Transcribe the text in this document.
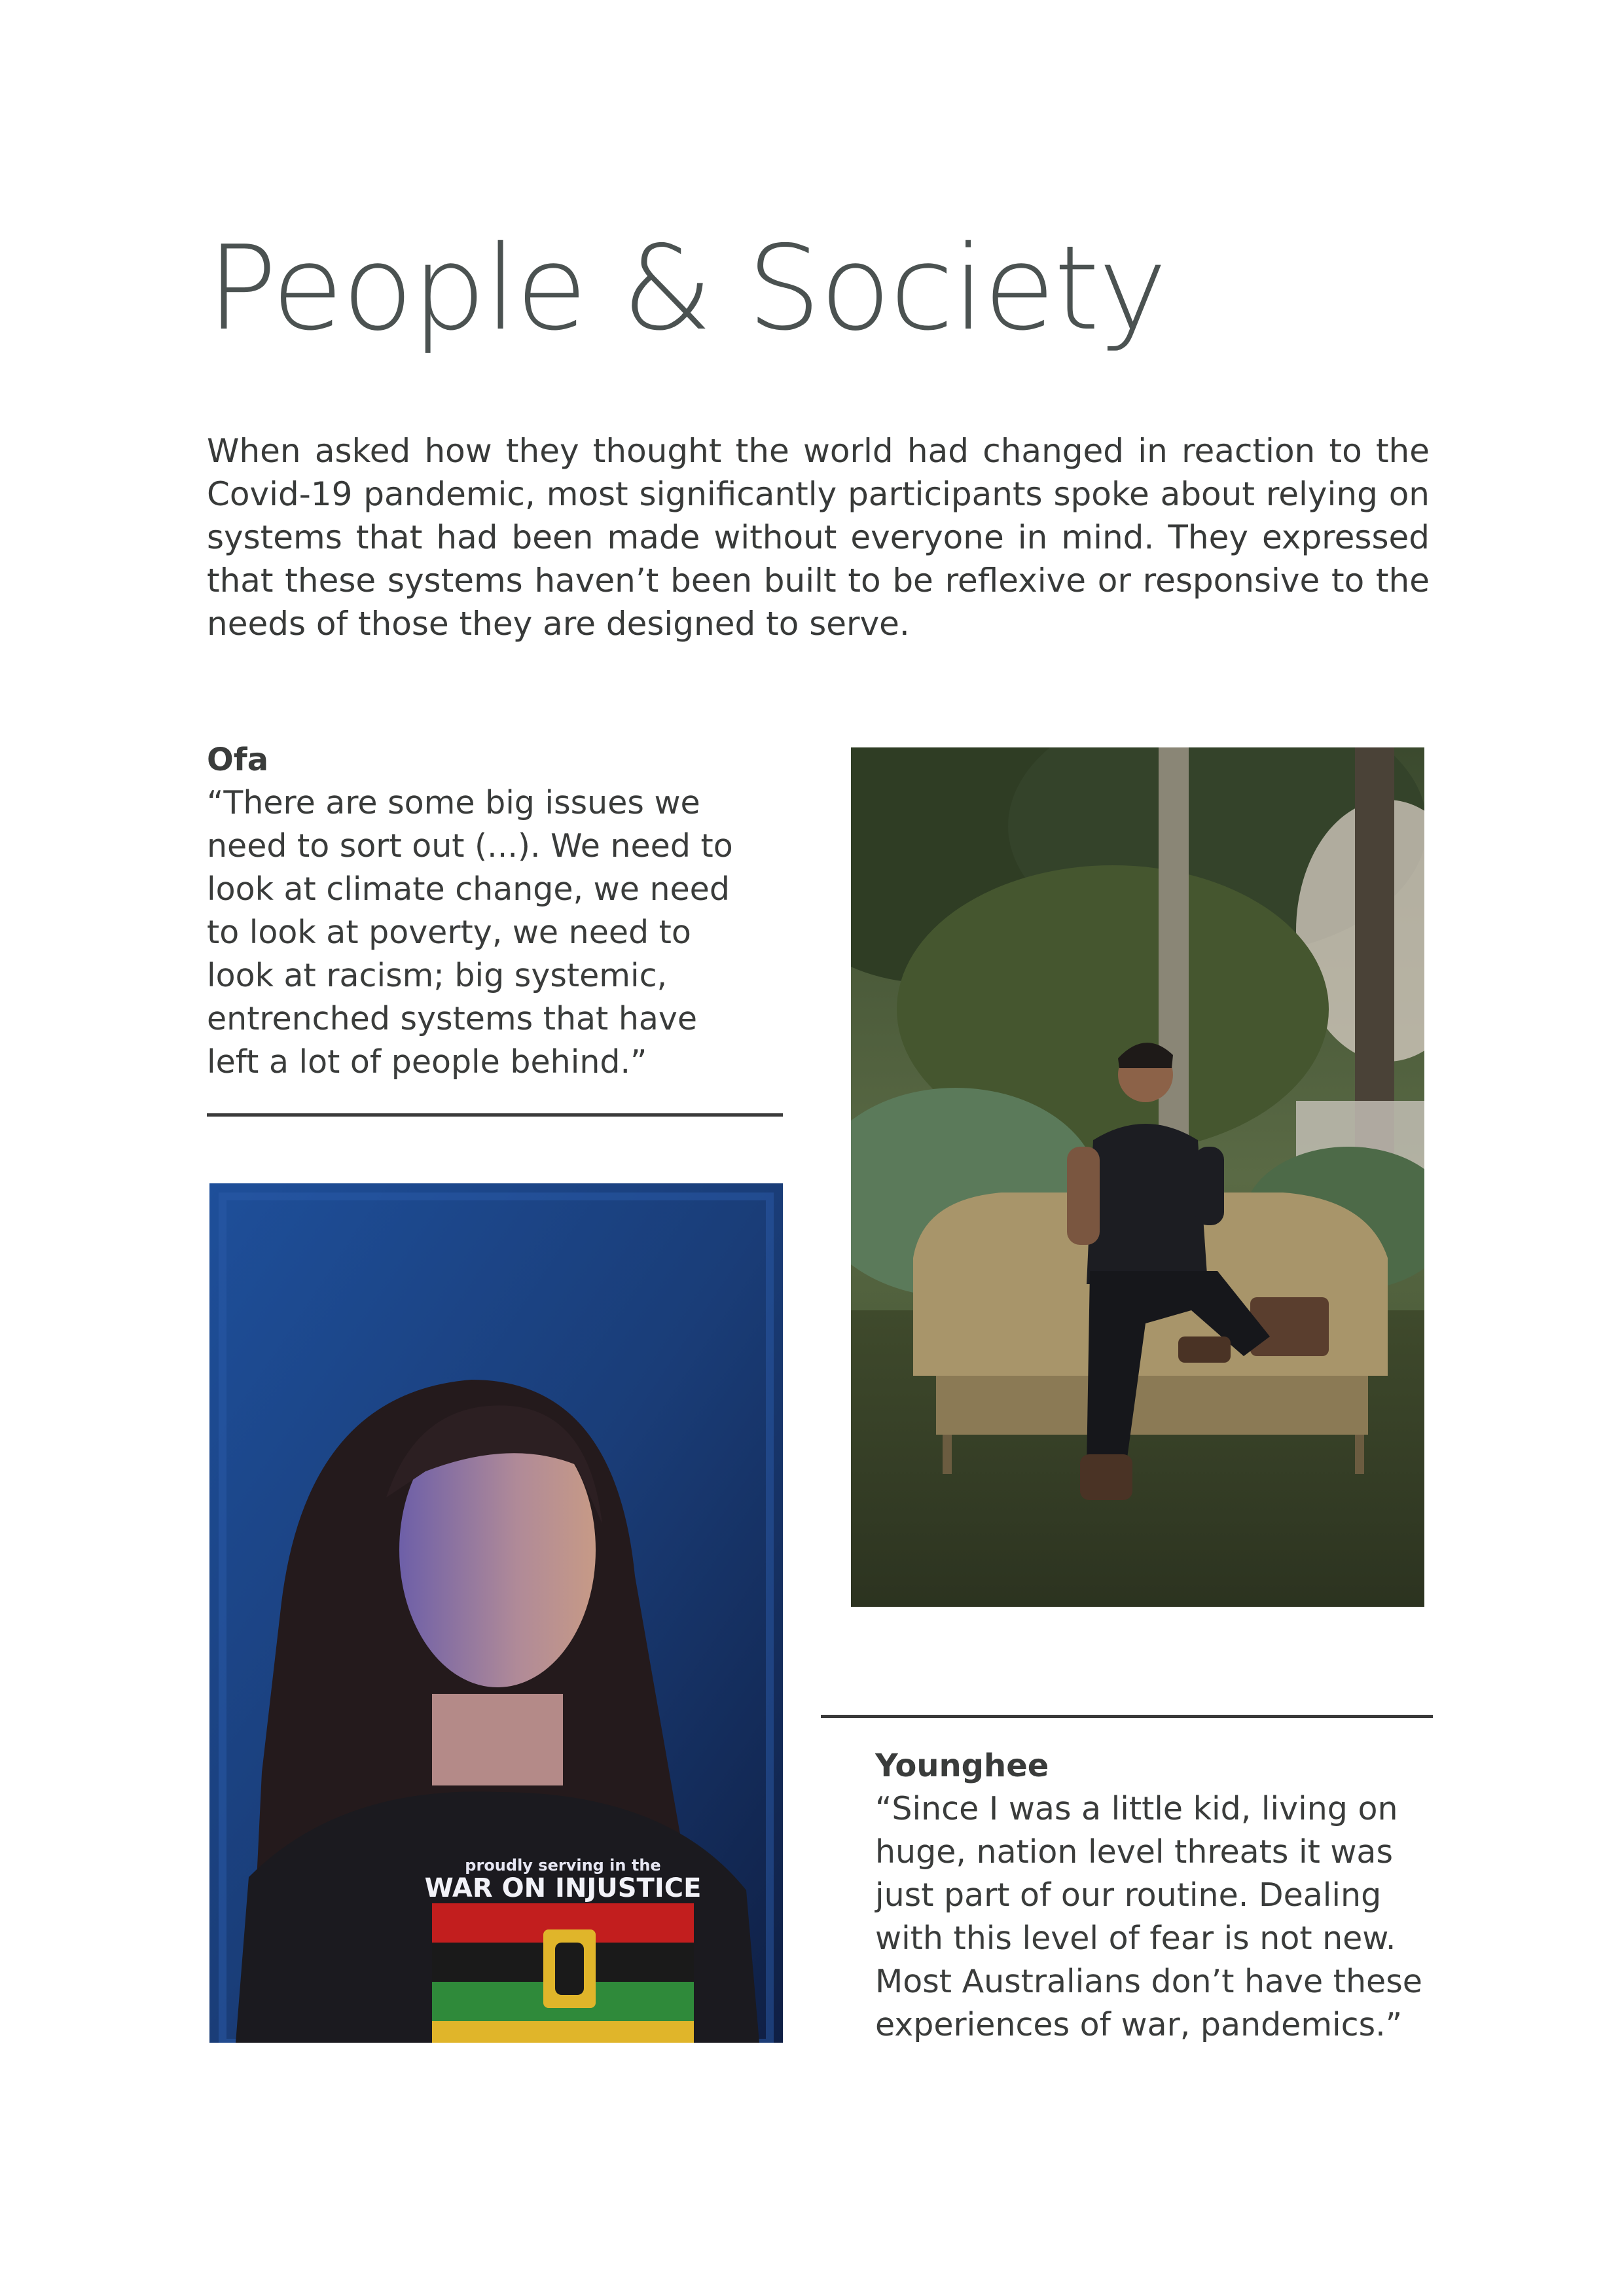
People & Society

When asked how they thought the world had changed in reaction to the Covid-19 pandemic, most significantly participants spoke about relying on systems that had been made without everyone in mind. They expressed that these systems haven’t been built to be reflexive or responsive to the needs of those they are designed to serve.

Ofa
“There are some big issues we
need to sort out (...). We need to
look at climate change, we need
to look at poverty, we need to
look at racism; big systemic,
entrenched systems that have
left a lot of people behind.”
proudly serving in the
WAR ON INJUSTICE
Younghee
“Since I was a little kid, living on
huge, nation level threats it was
just part of our routine. Dealing
with this level of fear is not new.
Most Australians don’t have these
experiences of war, pandemics.”
